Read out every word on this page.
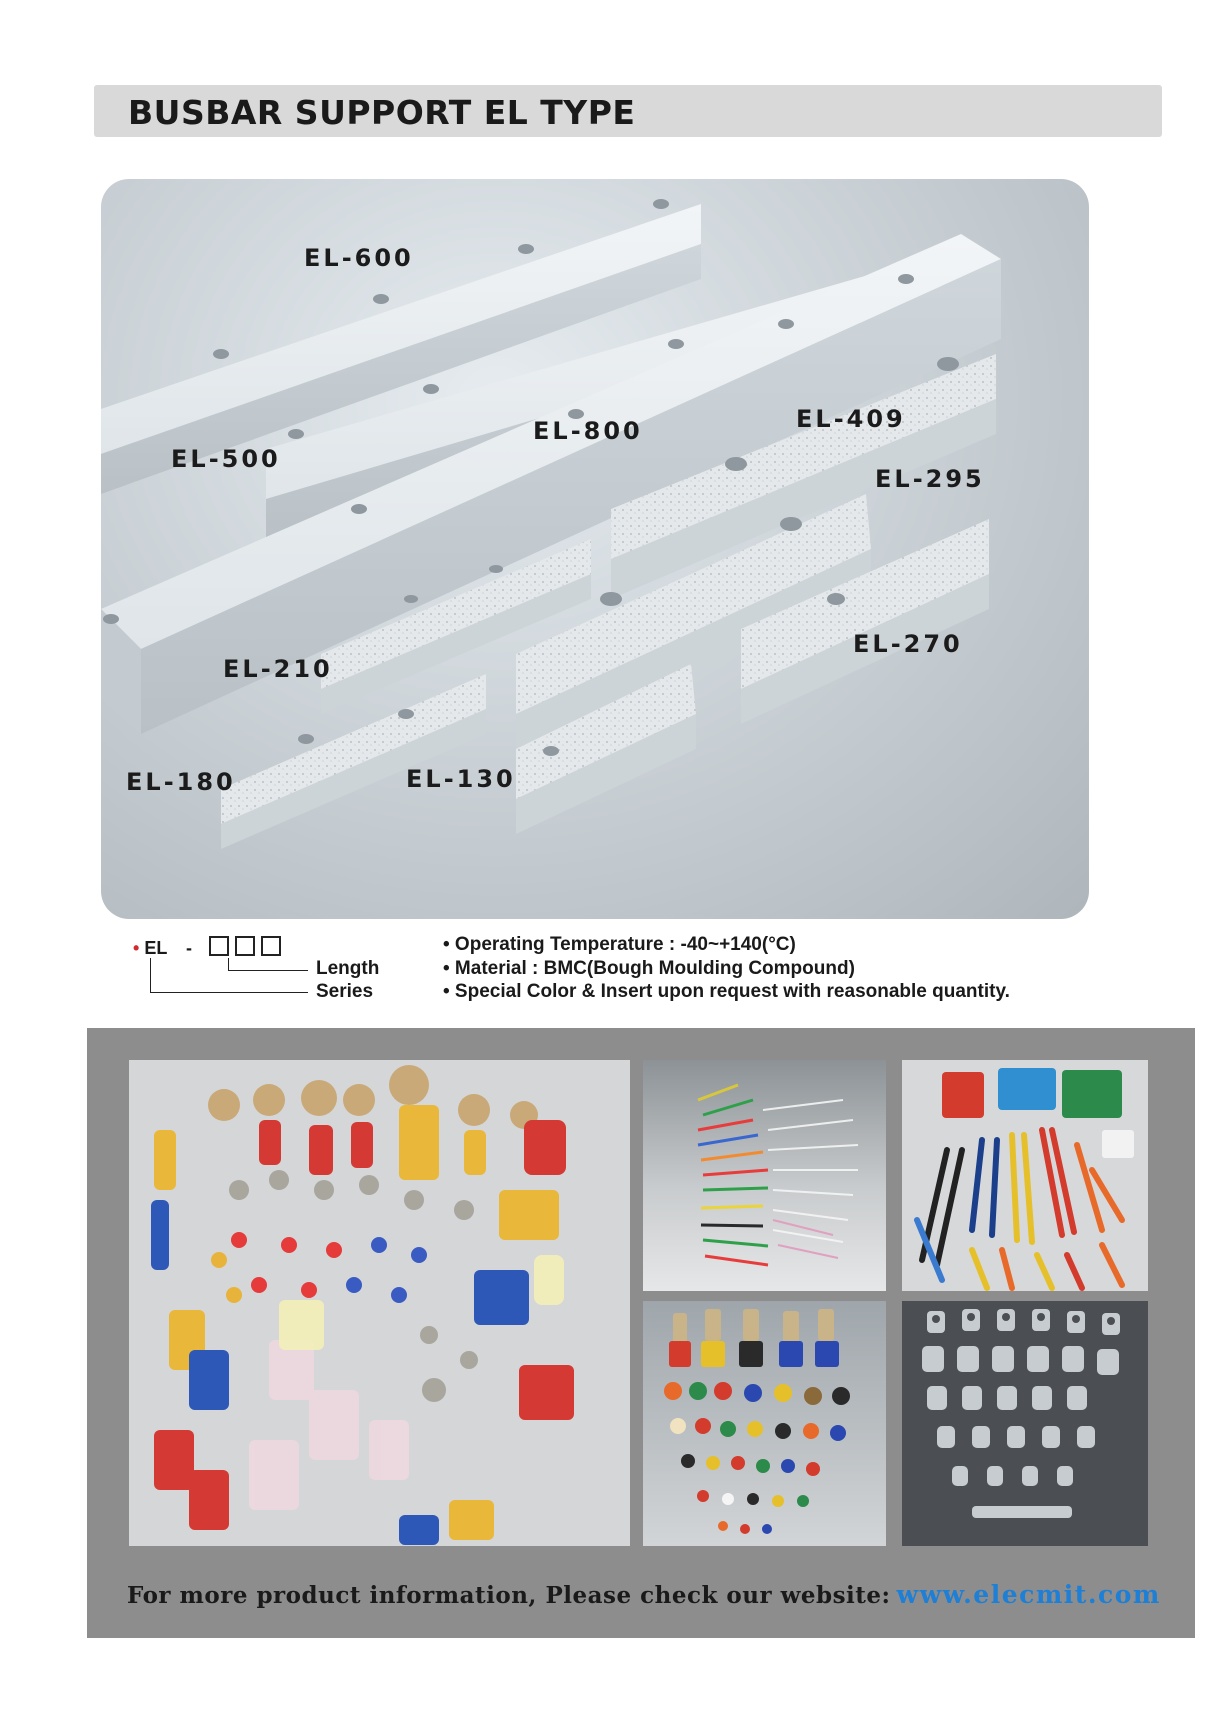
BUSBAR SUPPORT EL TYPE
EL-600
EL-500
EL-800	EL-409
EL-295
EL-210
EL-270
EL-180	EL-130
• EL -
Length
Series
• Operating Temperature : -40~+140(°C)
• Material : BMC(Bough Moulding Compound)
• Special Color & Insert upon request with reasonable quantity.
For more product information, Please check our website: www.elecmit.com
